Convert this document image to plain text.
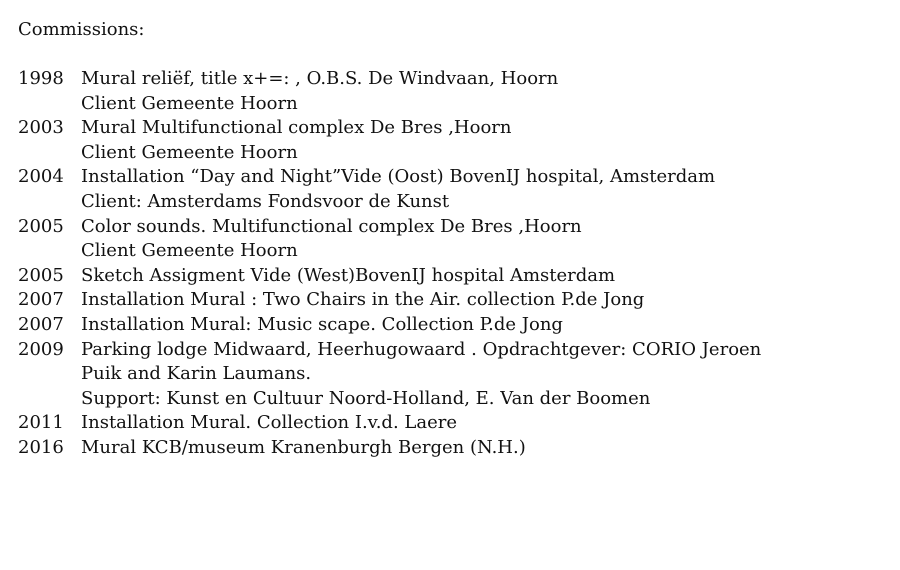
Commissions:
1998 Mural reliëf, title x+=: , O.B.S. De Windvaan, Hoorn
Client Gemeente Hoorn
2003 Mural Multifunctional complex De Bres ,Hoorn
Client Gemeente Hoorn
2004 Installation “Day and Night”Vide (Oost) BovenIJ hospital, Amsterdam
Client: Amsterdams Fondsvoor de Kunst
2005 Color sounds. Multifunctional complex De Bres ,Hoorn
Client Gemeente Hoorn
2005 Sketch Assigment Vide (West)BovenIJ hospital Amsterdam
2007 Installation Mural : Two Chairs in the Air. collection P.de Jong
2007 Installation Mural: Music scape. Collection P.de Jong
2009 Parking lodge Midwaard, Heerhugowaard . Opdrachtgever: CORIO Jeroen
Puik and Karin Laumans.
Support: Kunst en Cultuur Noord-Holland, E. Van der Boomen
2011 Installation Mural. Collection I.v.d. Laere
2016 Mural KCB/museum Kranenburgh Bergen (N.H.)
